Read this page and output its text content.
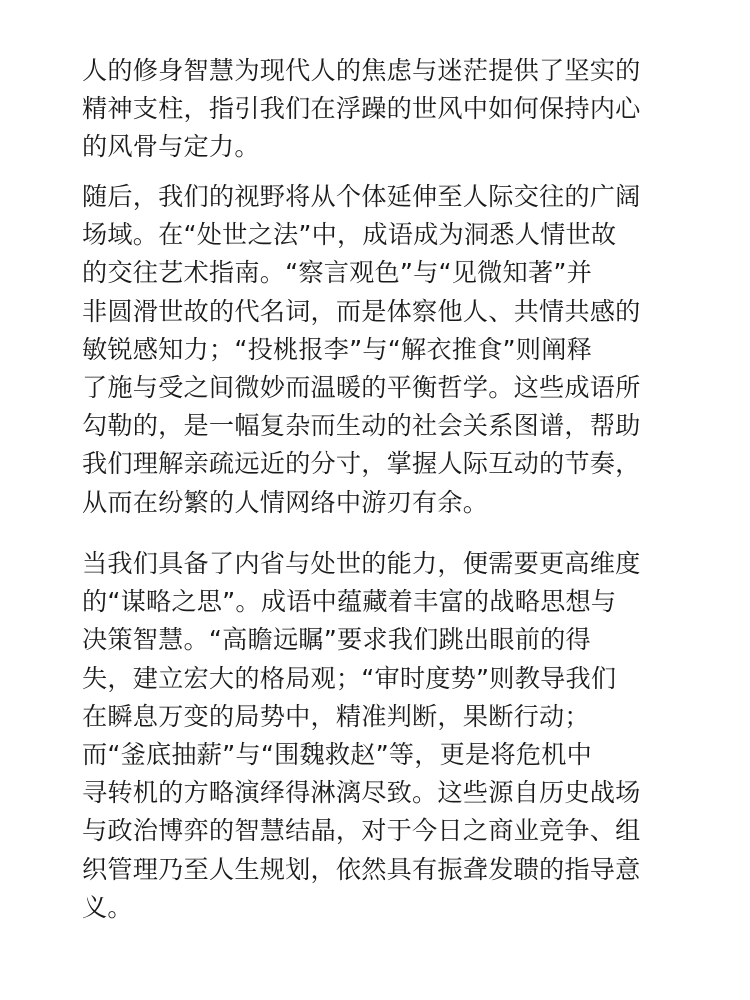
人的修身智慧为现代人的焦虑与迷茫提供了坚实的
精神支柱，指引我们在浮躁的世风中如何保持内心
的风骨与定力。
随后，我们的视野将从个体延伸至人际交往的广阔
场域。在“处世之法”中，成语成为洞悉人情世故
的交往艺术指南。“察言观色”与“见微知著”并
非圆滑世故的代名词，而是体察他人、共情共感的
敏锐感知力；“投桃报李”与“解衣推食”则阐释
了施与受之间微妙而温暖的平衡哲学。这些成语所
勾勒的，是一幅复杂而生动的社会关系图谱，帮助
我们理解亲疏远近的分寸，掌握人际互动的节奏，
从而在纷繁的人情网络中游刃有余。
当我们具备了内省与处世的能力，便需要更高维度
的“谋略之思”。成语中蕴藏着丰富的战略思想与
决策智慧。“高瞻远瞩”要求我们跳出眼前的得
失，建立宏大的格局观；“审时度势”则教导我们
在瞬息万变的局势中，精准判断，果断行动；
而“釜底抽薪”与“围魏救赵”等，更是将危机中
寻转机的方略演绎得淋漓尽致。这些源自历史战场
与政治博弈的智慧结晶，对于今日之商业竞争、组
织管理乃至人生规划，依然具有振聋发聩的指导意
义。
